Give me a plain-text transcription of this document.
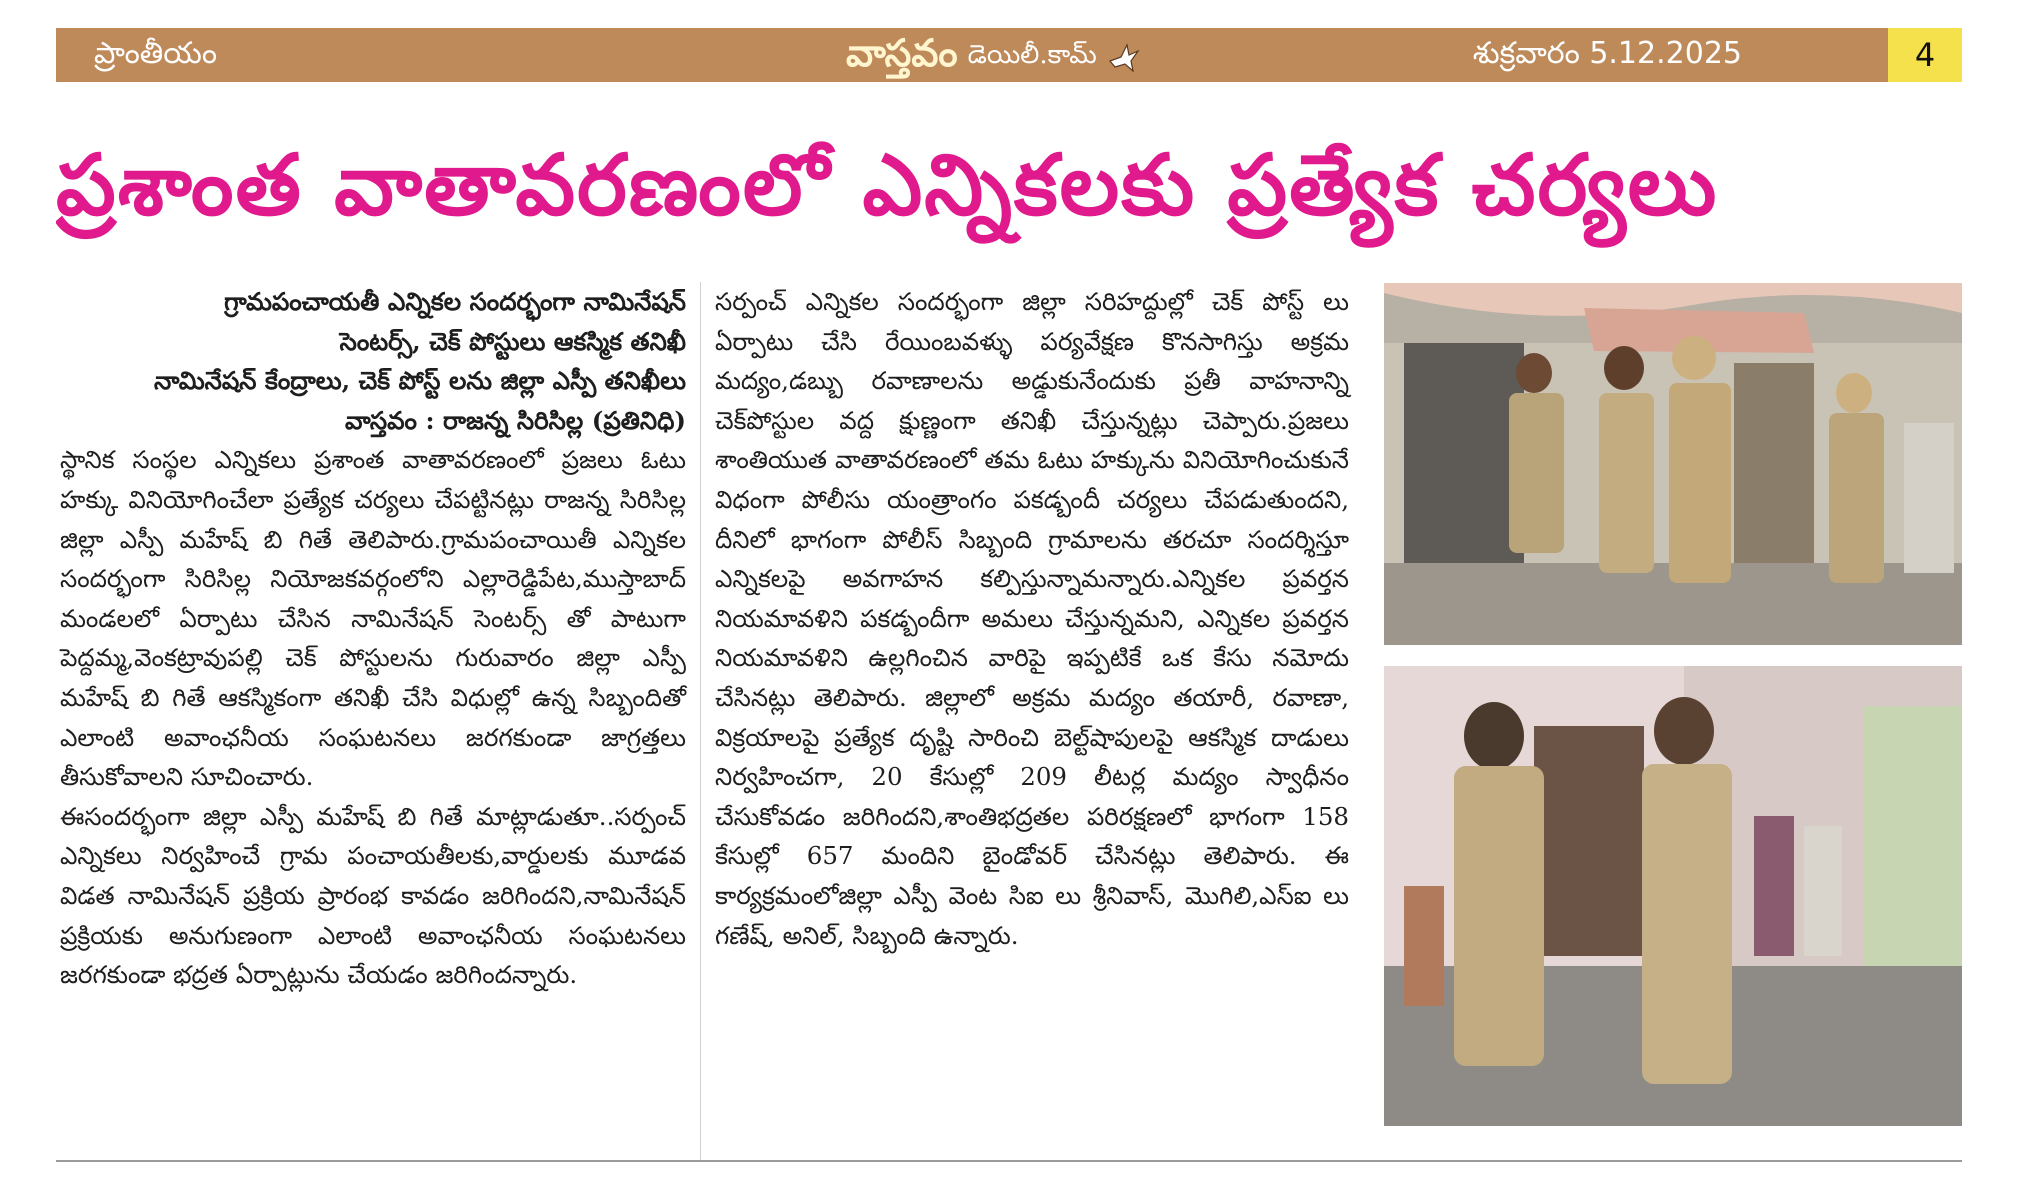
ప్రాంతీయం	వాస్తవం డెయిలీ.కామ్	శుక్రవారం 5.12.2025	4
ప్రశాంత వాతావరణంలో ఎన్నికలకు ప్రత్యేక చర్యలు

గ్రామపంచాయతీ ఎన్నికల సందర్భంగా నామినేషన్

సెంటర్స్, చెక్ పోస్టులు ఆకస్మిక తనిఖీ

నామినేషన్ కేంద్రాలు, చెక్ పోస్ట్ లను జిల్లా ఎస్పీ తనిఖీలు

వాస్తవం : రాజన్న సిరిసిల్ల (ప్రతినిధి)

స్థానిక సంస్థల ఎన్నికలు ప్రశాంత వాతావరణంలో ప్రజలు ఓటు హక్కు వినియోగించేలా ప్రత్యేక చర్యలు చేపట్టినట్లు రాజన్న సిరిసిల్ల జిల్లా ఎస్పీ మహేష్ బి గితే తెలిపారు.గ్రామపంచాయితీ ఎన్నికల సందర్భంగా సిరిసిల్ల నియోజకవర్గంలోని ఎల్లారెడ్డిపేట,ముస్తాబాద్ మండలలో ఏర్పాటు చేసిన నామినేషన్ సెంటర్స్ తో పాటుగా పెద్దమ్మ,వెంకట్రావుపల్లి చెక్ పోస్టులను గురువారం జిల్లా ఎస్పీ మహేష్ బి గితే ఆకస్మికంగా తనిఖీ చేసి విధుల్లో ఉన్న సిబ్బందితో ఎలాంటి అవాంఛనీయ సంఘటనలు జరగకుండా జాగ్రత్తలు తీసుకోవాలని సూచించారు.

ఈసందర్భంగా జిల్లా ఎస్పీ మహేష్ బి గితే మాట్లాడుతూ..సర్పంచ్ ఎన్నికలు నిర్వహించే గ్రామ పంచాయతీలకు,వార్డులకు మూడవ విడత నామినేషన్ ప్రక్రియ ప్రారంభ కావడం జరిగిందని,నామినేషన్ ప్రక్రియకు అనుగుణంగా ఎలాంటి అవాంఛనీయ సంఘటనలు జరగకుండా భద్రత ఏర్పాట్లును చేయడం జరిగిందన్నారు.

సర్పంచ్ ఎన్నికల సందర్భంగా జిల్లా సరిహద్దుల్లో చెక్ పోస్ట్ లు ఏర్పాటు చేసి రేయింబవళ్ళు పర్యవేక్షణ కొనసాగిస్తు అక్రమ మద్యం,డబ్బు రవాణాలను అడ్డుకునేందుకు ప్రతీ వాహనాన్ని చెక్‌పోస్టుల వద్ద క్షుణ్ణంగా తనిఖీ చేస్తున్నట్లు చెప్పారు.ప్రజలు శాంతియుత వాతావరణంలో తమ ఓటు హక్కును వినియోగించుకునే విధంగా పోలీసు యంత్రాంగం పకడ్బందీ చర్యలు చేపడుతుందని, దీనిలో భాగంగా పోలీస్ సిబ్బంది గ్రామాలను తరచూ సందర్శిస్తూ ఎన్నికలపై అవగాహన కల్పిస్తున్నామన్నారు.ఎన్నికల ప్రవర్తన నియమావళిని పకడ్బందీగా అమలు చేస్తున్నమని, ఎన్నికల ప్రవర్తన నియమావళిని ఉల్లగించిన వారిపై ఇప్పటికే ఒక కేసు నమోదు చేసినట్లు తెలిపారు. జిల్లాలో అక్రమ మద్యం తయారీ, రవాణా, విక్రయాలపై ప్రత్యేక దృష్టి సారించి బెల్ట్‌షాపులపై ఆకస్మిక దాడులు నిర్వహించగా, 20 కేసుల్లో 209 లీటర్ల మద్యం స్వాధీనం చేసుకోవడం జరిగిందని,శాంతిభద్రతల పరిరక్షణలో భాగంగా 158 కేసుల్లో 657 మందిని బైండోవర్ చేసినట్లు తెలిపారు. ఈ కార్యక్రమంలోజిల్లా ఎస్పీ వెంట సిఐ లు శ్రీనివాస్, మొగిలి,ఎస్ఐ లు గణేష్, అనిల్, సిబ్బంది ఉన్నారు.
